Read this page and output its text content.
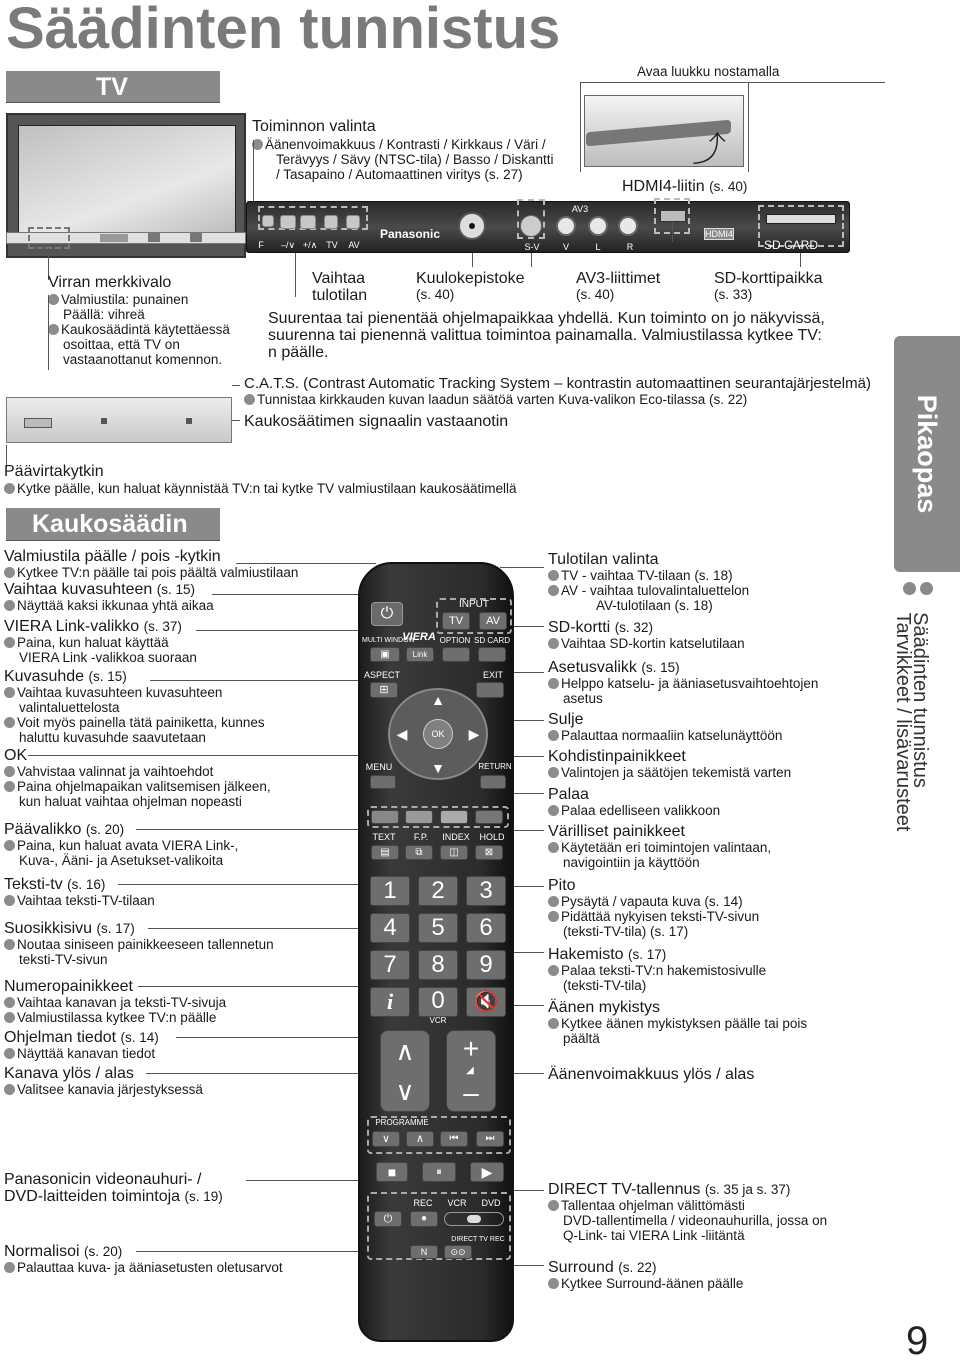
Säädinten tunnistus
TV
Toiminnon valinta
Äänenvoimakkuus / Kontrasti / Kirkkaus / Väri /
Terävyys / Sävy (NTSC-tila) / Basso / Diskantti
/ Tasapaino / Automaattinen viritys (s. 27)
Avaa luukku nostamalla
⤴
HDMI4-liitin (s. 40)
F	–/∨ +/∧	TV	AV
Panasonic
AV3
S-V	V	L	R
HDMI4
SD CARD
Virran merkkivalo
Valmiustila: punainen
Päällä: vihreä
Kaukosäädintä käytettäessä
osoittaa, että TV on
vastaanottanut komennon.
Vaihtaa
tulotilan
Kuulokepistoke
(s. 40)
AV3-liittimet
(s. 40)
SD-korttipaikka
(s. 33)
Suurentaa tai pienentää ohjelmapaikkaa yhdellä. Kun toiminto on jo näkyvissä,
suurenna tai pienennä valittua toimintoa painamalla. Valmiustilassa kytkee TV:
n päälle.
C.A.T.S. (Contrast Automatic Tracking System – kontrastin automaattinen seurantajärjestelmä)
Tunnistaa kirkkauden kuvan laadun säätöä varten Kuva-valikon Eco-tilassa (s. 22)
Kaukosäätimen signaalin vastaanotin
Päävirtakytkin
Kytke päälle, kun haluat käynnistää TV:n tai kytke TV valmiustilaan kaukosäätimellä
Kaukosäädin
Valmiustila päälle / pois -kytkin
Kytkee TV:n päälle tai pois päältä valmiustilaan
Vaihtaa kuvasuhteen (s. 15)
Näyttää kaksi ikkunaa yhtä aikaa
VIERA Link-valikko (s. 37)
Paina, kun haluat käyttää
VIERA Link -valikkoa suoraan
Kuvasuhde (s. 15)
Vaihtaa kuvasuhteen kuvasuhteen
valintaluettelosta
Voit myös painella tätä painiketta, kunnes
haluttu kuvasuhde saavutetaan
OK
Vahvistaa valinnat ja vaihtoehdot
Paina ohjelmapaikan valitsemisen jälkeen,
kun haluat vaihtaa ohjelman nopeasti
Päävalikko (s. 20)
Paina, kun haluat avata VIERA Link-,
Kuva-, Ääni- ja Asetukset-valikoita
Teksti-tv (s. 16)
Vaihtaa teksti-TV-tilaan
Suosikkisivu (s. 17)
Noutaa siniseen painikkeeseen tallennetun
teksti-TV-sivun
Numeropainikkeet
Vaihtaa kanavan ja teksti-TV-sivuja
Valmiustilassa kytkee TV:n päälle
Ohjelman tiedot (s. 14)
Näyttää kanavan tiedot
Kanava ylös / alas
Valitsee kanavia järjestyksessä
Panasonicin videonauhuri- /
DVD-laitteiden toimintoja (s. 19)
Normalisoi (s. 20)
Palauttaa kuva- ja ääniasetusten oletusarvot
Tulotilan valinta
TV - vaihtaa TV-tilaan (s. 18)
AV - vaihtaa tulovalintaluettelon
AV-tulotilaan (s. 18)
SD-kortti (s. 32)
Vaihtaa SD-kortin katselutilaan
Asetusvalikk (s. 15)
Helppo katselu- ja ääniasetusvaihtoehtojen
asetus
Sulje
Palauttaa normaaliin katselunäyttöön
Kohdistinpainikkeet
Valintojen ja säätöjen tekemistä varten
Palaa
Palaa edelliseen valikkoon
Värilliset painikkeet
Käytetään eri toimintojen valintaan,
navigointiin ja käyttöön
Pito
Pysäytä / vapauta kuva (s. 14)
Pidättää nykyisen teksti-TV-sivun
(teksti-TV-tila) (s. 17)
Hakemisto (s. 17)
Palaa teksti-TV:n hakemistosivulle
(teksti-TV-tila)
Äänen mykistys
Kytkee äänen mykistyksen päälle tai pois
päältä
Äänenvoimakkuus ylös / alas
DIRECT TV-tallennus (s. 35 ja s. 37)
Tallentaa ohjelman välittömästi
DVD-tallentimella / videonauhurilla, jossa on
Q-Link- tai VIERA Link -liitäntä
Surround (s. 22)
Kytkee Surround-äänen päälle
⏻
INPUT
TV	AV
MULTI WINDOW
VIERA OPTION SD CARD
▣	Link
ASPECT	EXIT
⊞
▲
▼
◀	▶
OK
MENU	RETURN
TEXT	F.P.	INDEX	HOLD
▤	⧉	◫	⊠
1	2	3
4	5	6
7	8	9
i	0
VCR
🔇
∧
∨
+
◢
–
PROGRAMME
∨	∧	⏮	⏭
■	⏸	▶
REC	VCR	DVD
⏻	●
DIRECT TV REC
N	⊙⊙
Pikaopas
Säädinten tunnistus
Tarvikkeet / lisävarusteet
9
